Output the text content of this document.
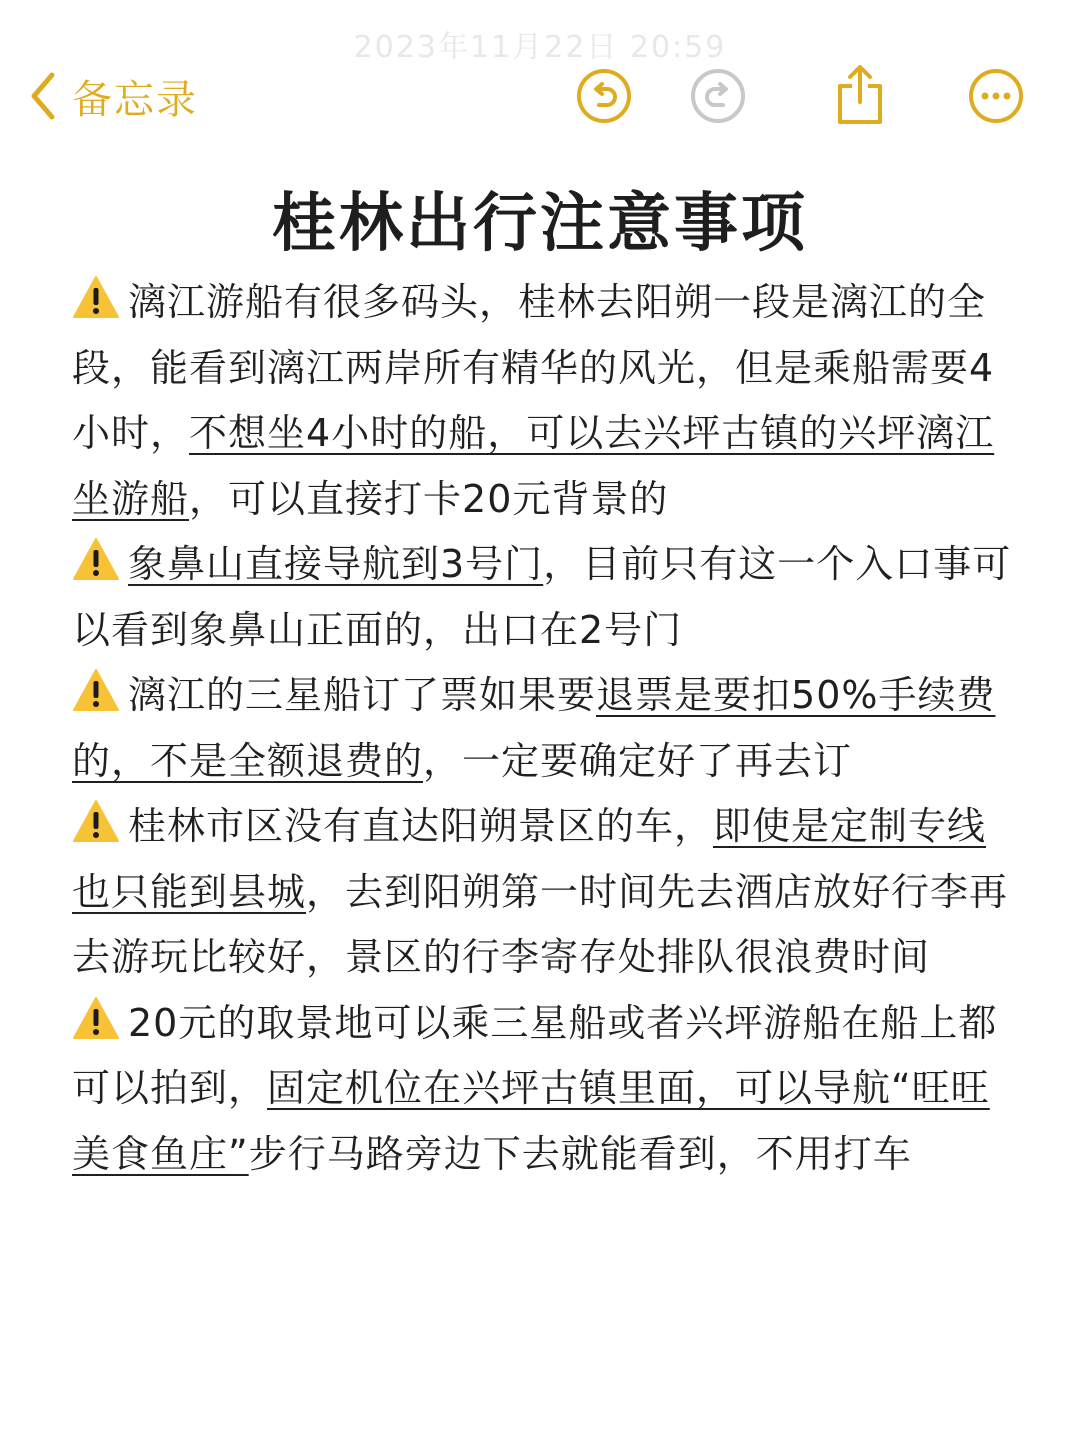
2023年11月22日 20:59
备忘录
桂林出行注意事项

漓江游船有很多码头，桂林去阳朔一段是漓江的全段，能看到漓江两岸所有精华的风光，但是乘船需要4小时，不想坐4小时的船，可以去兴坪古镇的兴坪漓江坐游船，可以直接打卡20元背景的

象鼻山直接导航到3号门，目前只有这一个入口事可以看到象鼻山正面的，出口在2号门

漓江的三星船订了票如果要退票是要扣50%手续费的，不是全额退费的，一定要确定好了再去订

桂林市区没有直达阳朔景区的车，即使是定制专线也只能到县城，去到阳朔第一时间先去酒店放好行李再去游玩比较好，景区的行李寄存处排队很浪费时间

20元的取景地可以乘三星船或者兴坪游船在船上都可以拍到，固定机位在兴坪古镇里面，可以导航“旺旺美食鱼庄”步行马路旁边下去就能看到，不用打车
